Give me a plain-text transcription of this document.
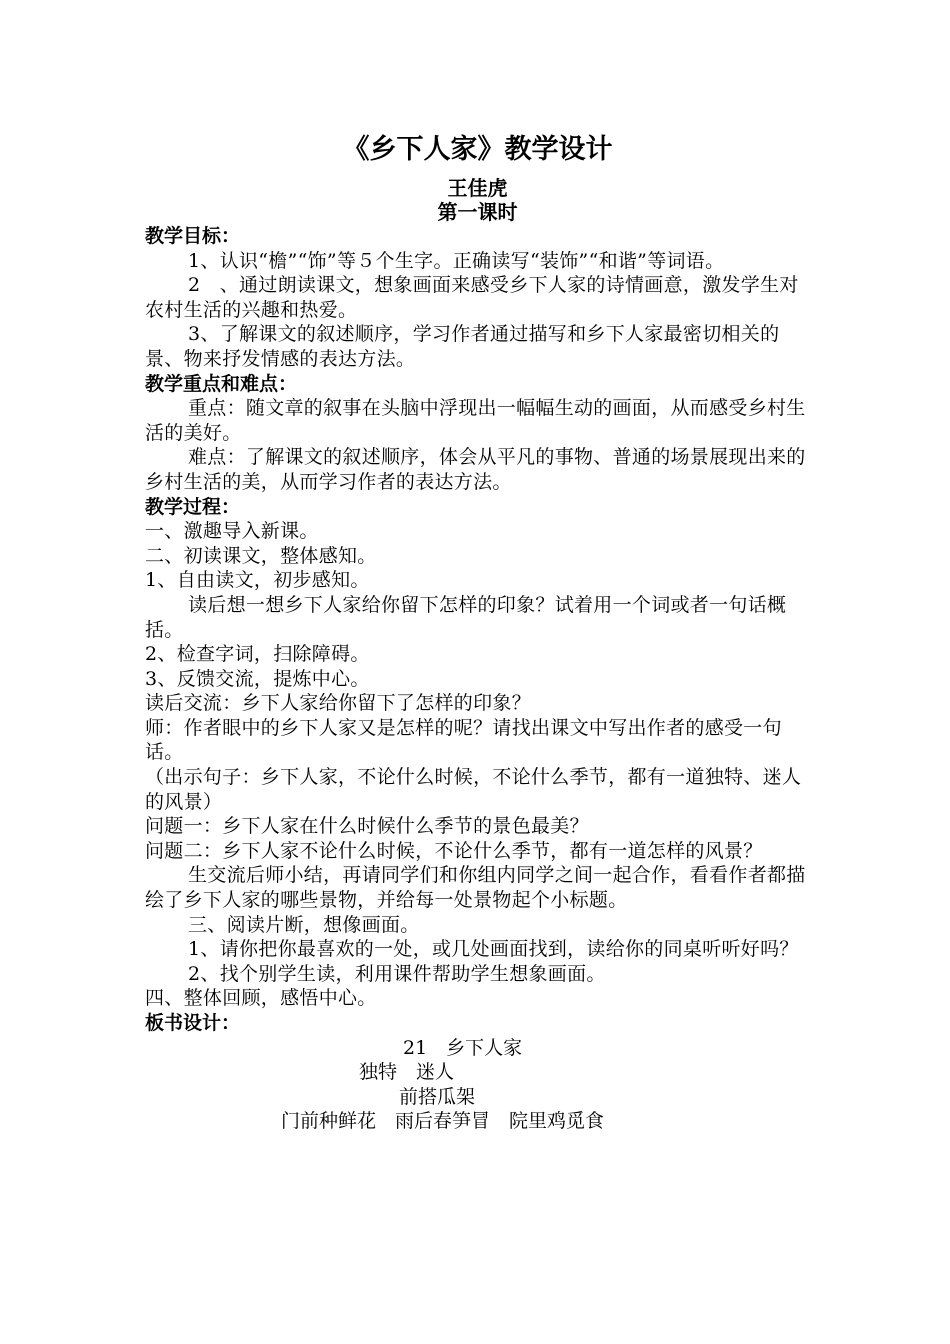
《乡下人家》教学设计
王佳虎
第一课时
教学目标：
1、认识“檐”“饰”等５个生字。正确读写“装饰”“和谐”等词语。
2　、通过朗读课文，想象画面来感受乡下人家的诗情画意，激发学生对农村生活的兴趣和热爱。
3、了解课文的叙述顺序，学习作者通过描写和乡下人家最密切相关的景、物来抒发情感的表达方法。
教学重点和难点：
重点：随文章的叙事在头脑中浮现出一幅幅生动的画面，从而感受乡村生活的美好。
难点：了解课文的叙述顺序，体会从平凡的事物、普通的场景展现出来的乡村生活的美，从而学习作者的表达方法。
教学过程：
一、激趣导入新课。
二、初读课文，整体感知。
1、自由读文，初步感知。
读后想一想乡下人家给你留下怎样的印象？试着用一个词或者一句话概括。
2、检查字词，扫除障碍。
3、反馈交流，提炼中心。
读后交流：乡下人家给你留下了怎样的印象？
师：作者眼中的乡下人家又是怎样的呢？请找出课文中写出作者的感受一句话。
（出示句子：乡下人家，不论什么时候，不论什么季节，都有一道独特、迷人的风景）
问题一：乡下人家在什么时候什么季节的景色最美？
问题二：乡下人家不论什么时候，不论什么季节，都有一道怎样的风景？
生交流后师小结，再请同学们和你组内同学之间一起合作，看看作者都描绘了乡下人家的哪些景物，并给每一处景物起个小标题。
三、阅读片断，想像画面。
1、请你把你最喜欢的一处，或几处画面找到，读给你的同桌听听好吗？
2、找个别学生读，利用课件帮助学生想象画面。
四、整体回顾，感悟中心。
板书设计：
21　乡下人家
独特　迷人
前搭瓜架
门前种鲜花　雨后春笋冒　院里鸡觅食
